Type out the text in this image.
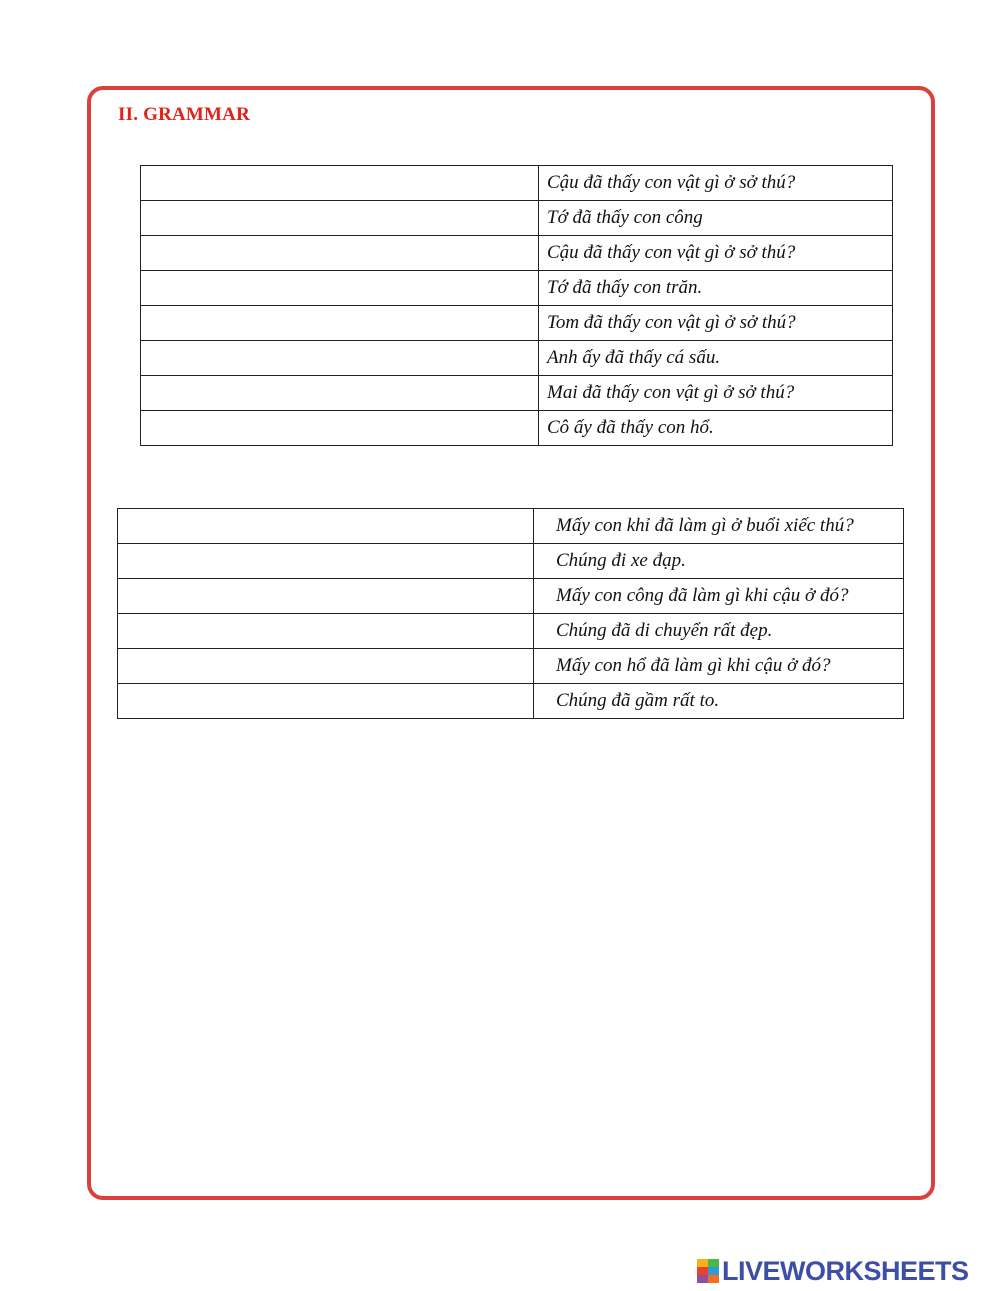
II. GRAMMAR
	Cậu đã thấy con vật gì ở sở thú?
	Tớ đã thấy con công
	Cậu đã thấy con vật gì ở sở thú?
	Tớ đã thấy con trăn.
	Tom đã thấy con vật gì ở sở thú?
	Anh ấy đã thấy cá sấu.
	Mai đã thấy con vật gì ở sở thú?
	Cô ấy đã thấy con hổ.
	Mấy con khỉ đã làm gì ở buổi xiếc thú?
	Chúng đi xe đạp.
	Mấy con công đã làm gì khi cậu ở đó?
	Chúng đã di chuyển rất đẹp.
	Mấy con hổ đã làm gì khi cậu ở đó?
	Chúng đã gầm rất to.
LIVEWORKSHEETS
